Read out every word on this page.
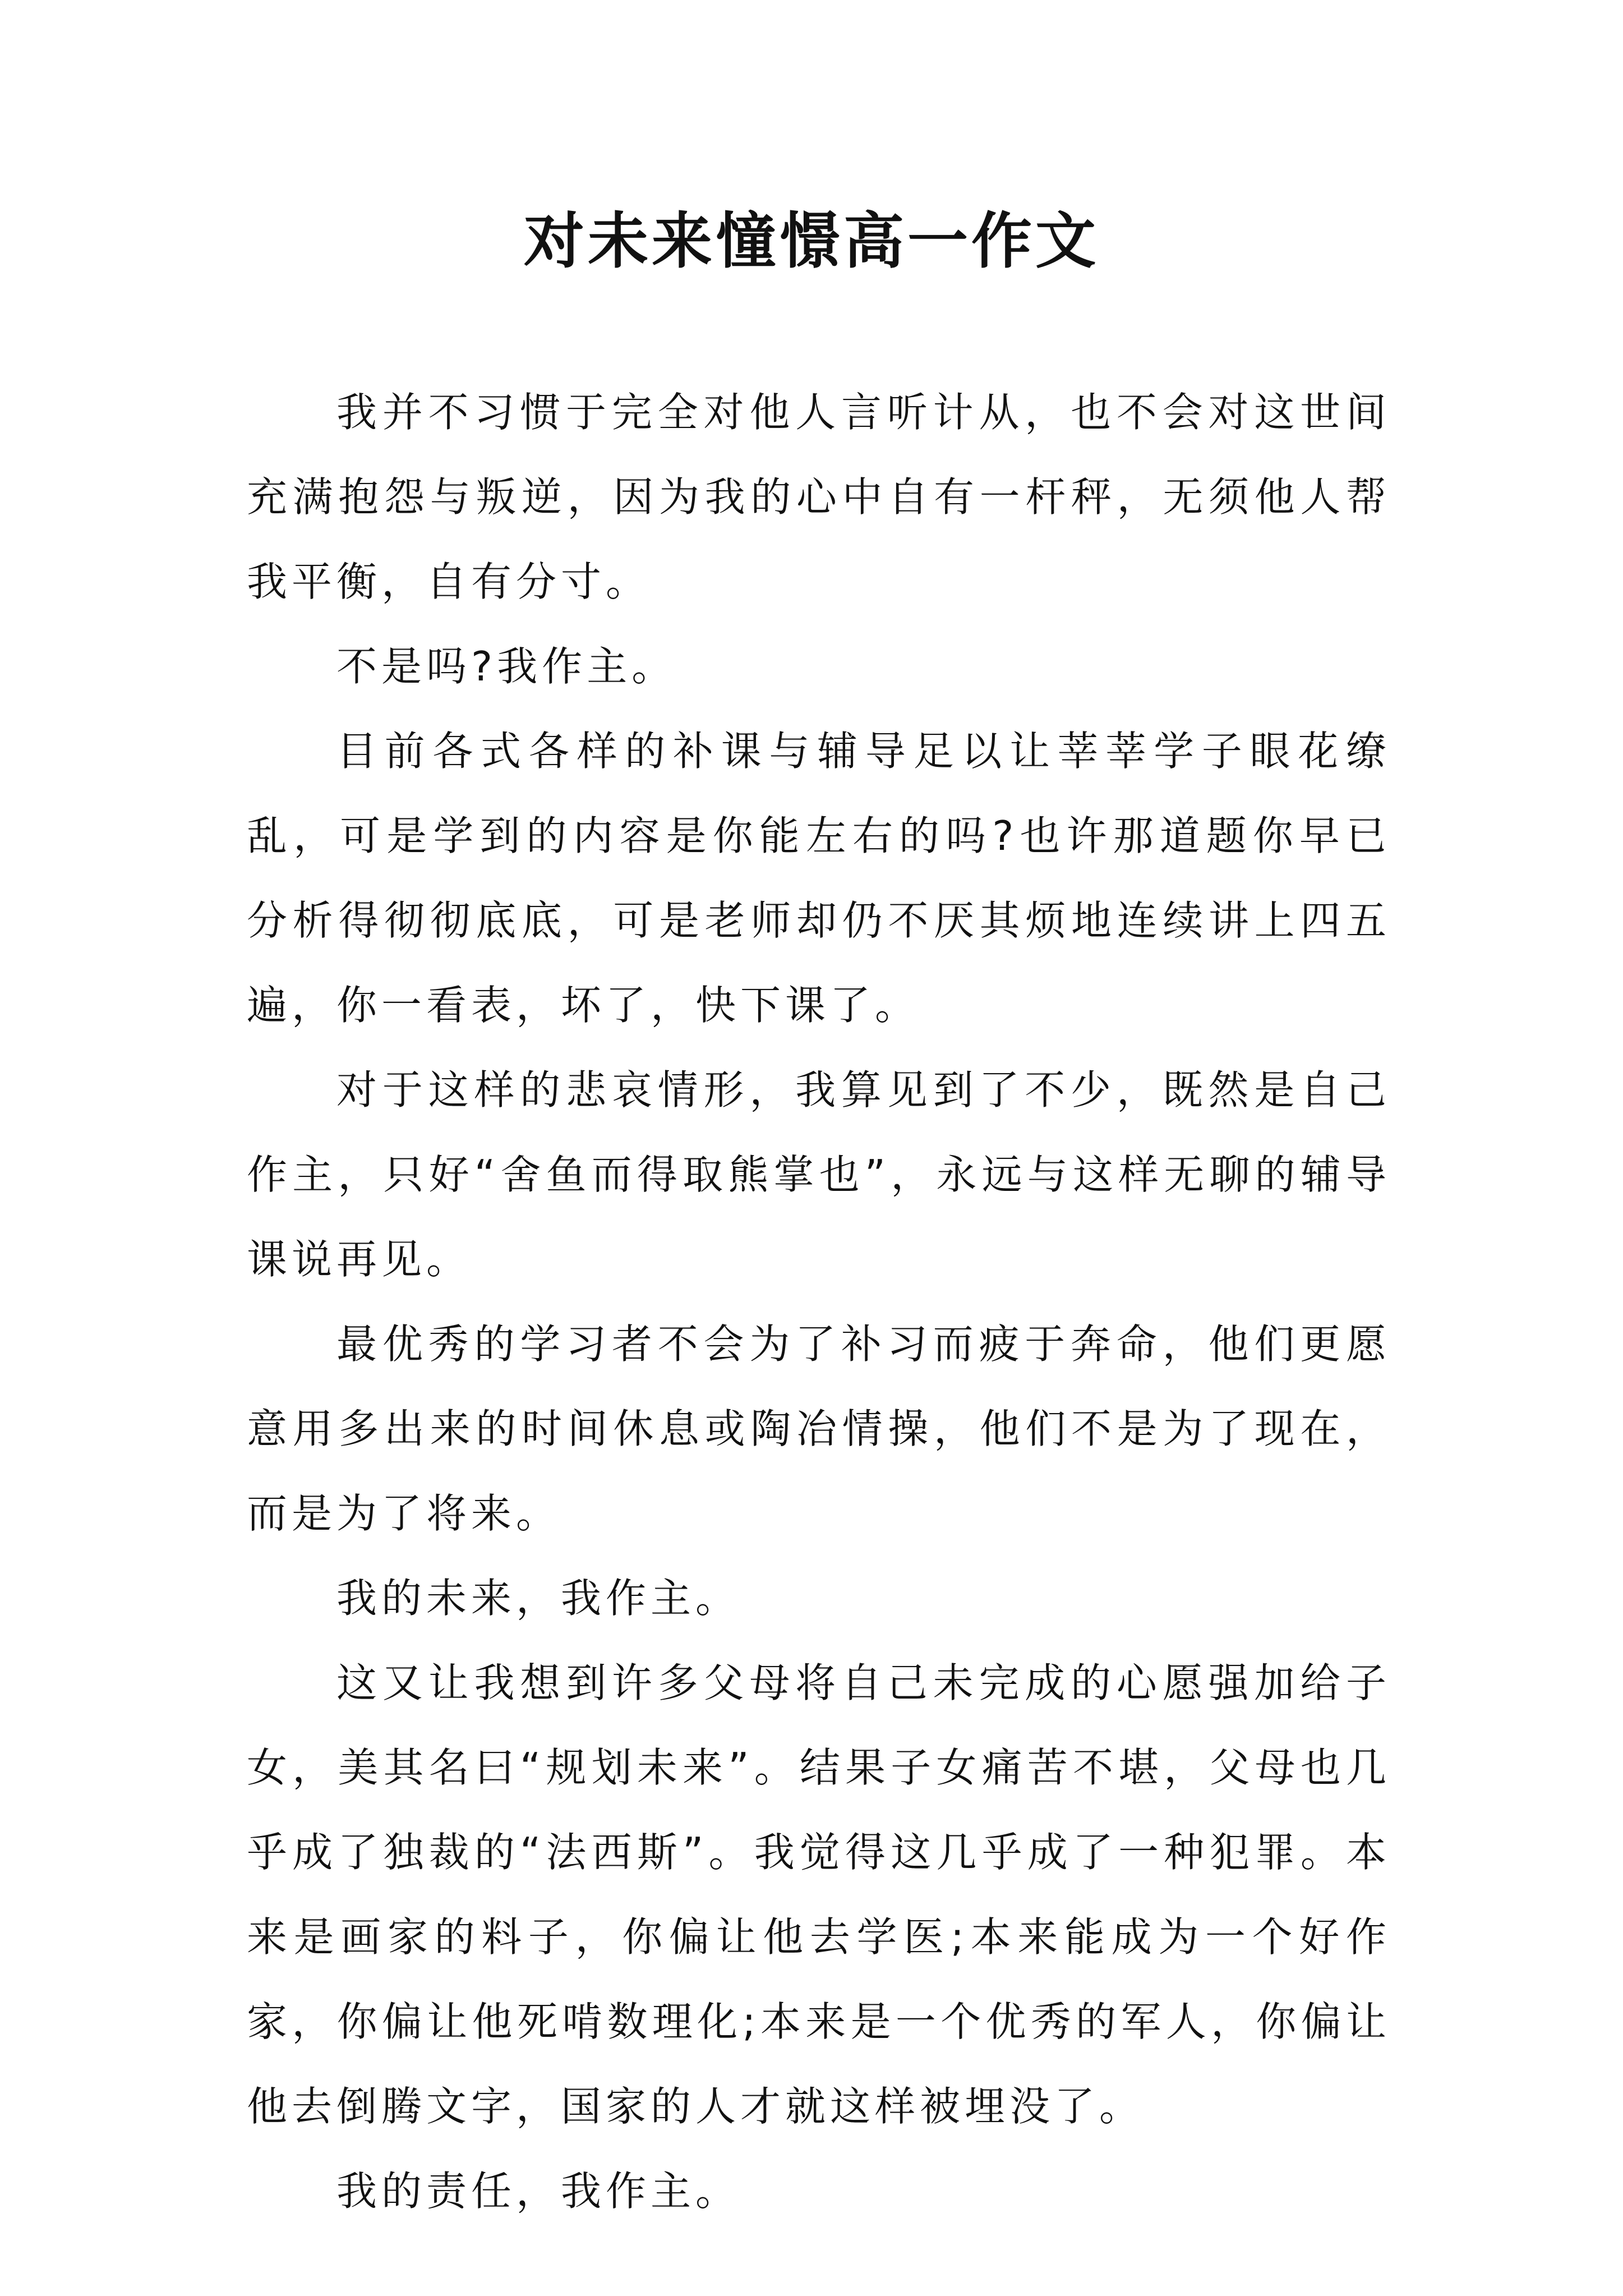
对未来憧憬高一作文

我并不习惯于完全对他人言听计从，也不会对这世间充满抱怨与叛逆，因为我的心中自有一杆秤，无须他人帮我平衡，自有分寸。

不是吗?我作主。

目前各式各样的补课与辅导足以让莘莘学子眼花缭乱，可是学到的内容是你能左右的吗?也许那道题你早已分析得彻彻底底，可是老师却仍不厌其烦地连续讲上四五遍，你一看表，坏了，快下课了。

对于这样的悲哀情形，我算见到了不少，既然是自己作主，只好“舍鱼而得取熊掌也”，永远与这样无聊的辅导课说再见。

最优秀的学习者不会为了补习而疲于奔命，他们更愿意用多出来的时间休息或陶冶情操，他们不是为了现在，而是为了将来。

我的未来，我作主。

这又让我想到许多父母将自己未完成的心愿强加给子女，美其名曰“规划未来”。结果子女痛苦不堪，父母也几乎成了独裁的“法西斯”。我觉得这几乎成了一种犯罪。本来是画家的料子，你偏让他去学医;本来能成为一个好作家，你偏让他死啃数理化;本来是一个优秀的军人，你偏让他去倒腾文字，国家的人才就这样被埋没了。

我的责任，我作主。
